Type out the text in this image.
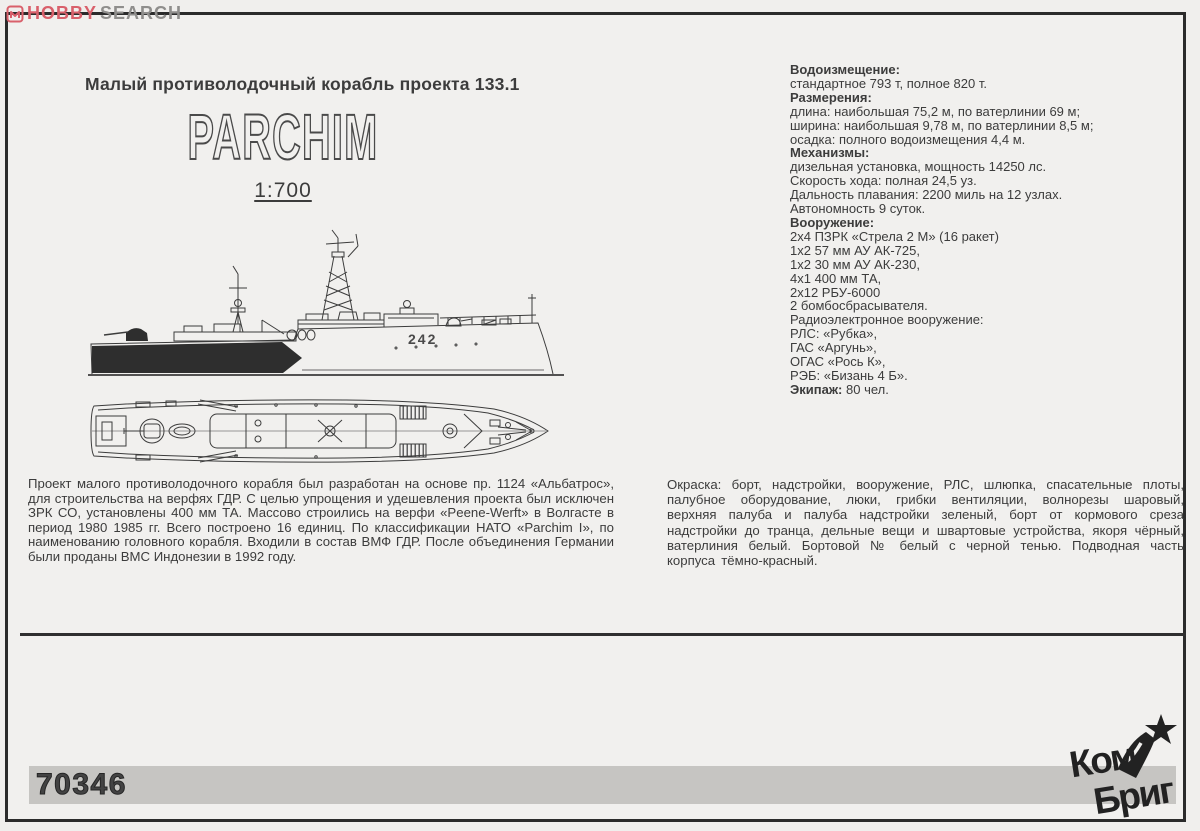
HOBBY SEARCH
Малый противолодочный корабль проекта 133.1
PARCHIM
1:700
242
Водоизмещение:
стандартное 793 т, полное 820 т.
Размерения:
длина: наибольшая 75,2 м, по ватерлинии 69 м;
ширина: наибольшая 9,78 м, по ватерлинии 8,5 м;
осадка: полного водоизмещения 4,4 м.
Механизмы:
дизельная установка, мощность 14250 лс.
Скорость хода: полная 24,5 уз.
Дальность плавания: 2200 миль на 12 узлах.
Автономность 9 суток.
Вооружение:
2х4 ПЗРК «Стрела 2 М» (16 ракет)
1х2 57 мм АУ АК-725,
1х2 30 мм АУ АК-230,
4х1 400 мм ТА,
2х12 РБУ-6000
2 бомбосбрасывателя.
Радиоэлектронное вооружение:
РЛС: «Рубка»,
ГАС «Аргунь»,
ОГАС «Рось К»,
РЭБ: «Бизань 4 Б».
Экипаж: 80 чел.
Проект малого противолодочного корабля был разработан на основе пр. 1124 «Альбатрос», для строительства на верфях ГДР. С целью упрощения и удешевления проекта был исключен ЗРК СО, установлены 400 мм ТА. Массово строились на верфи «Peene-Werft» в Волгасте в период 1980 1985 гг. Всего построено 16 единиц. По классификации НАТО «Parchim I», по наименованию головного корабля. Входили в состав ВМФ ГДР. После объединения Германии были проданы ВМС Индонезии в 1992 году.
Окраска: борт, надстройки, вооружение, РЛС, шлюпка, спасательные плоты, палубное оборудование, люки, грибки вентиляции, волнорезы шаровый, верхняя палуба и палуба надстройки зеленый, борт от кормового среза надстройки до транца, дельные вещи и швартовые устройства, якоря чёрный, ватерлиния белый. Бортовой № белый с черной тенью. Подводная часть корпуса тёмно-красный.
70346	Ком
Бриг
